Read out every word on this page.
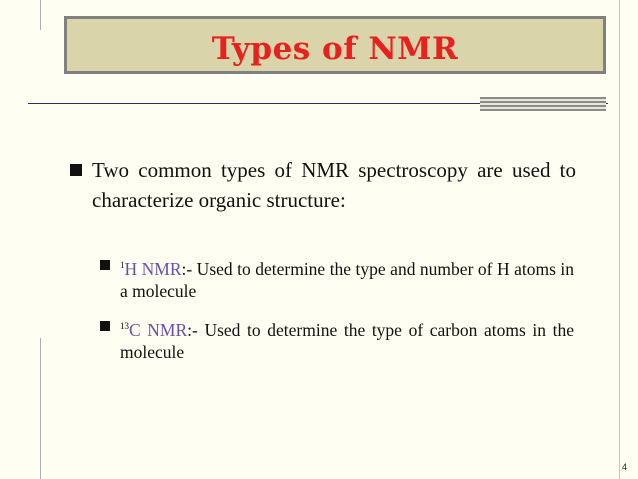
Types of NMR
Two common types of NMR spectroscopy are used to characterize organic structure:
$^1$H NMR:- Used to determine the type and number of H atoms in a molecule
$^{13}$C NMR:- Used to determine the type of carbon atoms in the molecule
4
